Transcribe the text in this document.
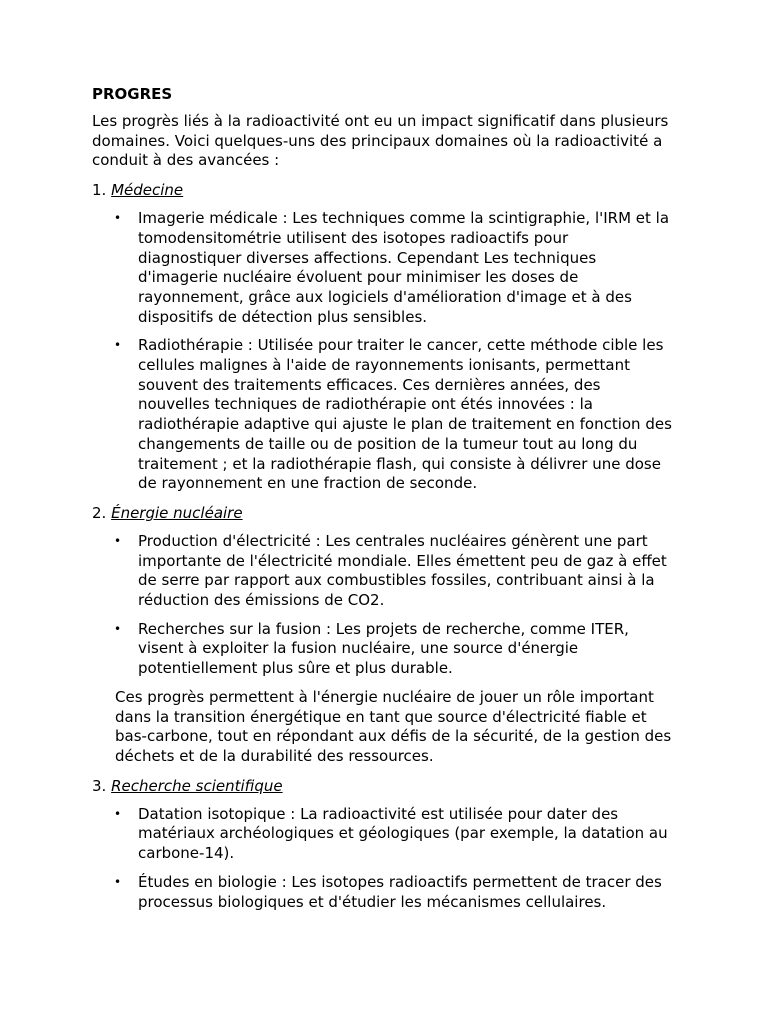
PROGRES

Les progrès liés à la radioactivité ont eu un impact significatif dans plusieurs domaines. Voici quelques-uns des principaux domaines où la radioactivité a conduit à des avancées :

1. Médecine
• Imagerie médicale : Les techniques comme la scintigraphie, l'IRM et la tomodensitométrie utilisent des isotopes radioactifs pour diagnostiquer diverses affections. Cependant Les techniques d'imagerie nucléaire évoluent pour minimiser les doses de rayonnement, grâce aux logiciels d'amélioration d'image et à des dispositifs de détection plus sensibles.
• Radiothérapie : Utilisée pour traiter le cancer, cette méthode cible les cellules malignes à l'aide de rayonnements ionisants, permettant souvent des traitements efficaces. Ces dernières années, des nouvelles techniques de radiothérapie ont étés innovées : la radiothérapie adaptive qui ajuste le plan de traitement en fonction des changements de taille ou de position de la tumeur tout au long du traitement ; et la radiothérapie flash, qui consiste à délivrer une dose de rayonnement en une fraction de seconde.
2. Énergie nucléaire
• Production d'électricité : Les centrales nucléaires génèrent une part importante de l'électricité mondiale. Elles émettent peu de gaz à effet de serre par rapport aux combustibles fossiles, contribuant ainsi à la réduction des émissions de CO2.
• Recherches sur la fusion : Les projets de recherche, comme ITER, visent à exploiter la fusion nucléaire, une source d'énergie potentiellement plus sûre et plus durable.

Ces progrès permettent à l'énergie nucléaire de jouer un rôle important dans la transition énergétique en tant que source d'électricité fiable et bas-carbone, tout en répondant aux défis de la sécurité, de la gestion des déchets et de la durabilité des ressources.

3. Recherche scientifique
• Datation isotopique : La radioactivité est utilisée pour dater des matériaux archéologiques et géologiques (par exemple, la datation au carbone-14).
• Études en biologie : Les isotopes radioactifs permettent de tracer des processus biologiques et d'étudier les mécanismes cellulaires.
